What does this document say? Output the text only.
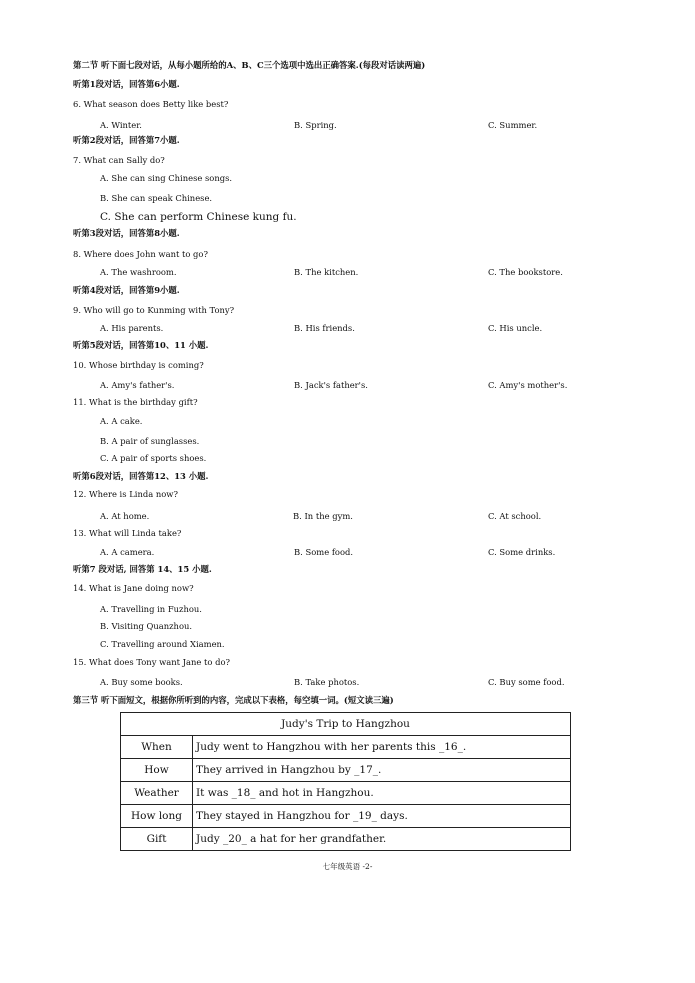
第二节 听下面七段对话，从每小题所给的A、B、C三个选项中选出正确答案.(每段对话读两遍)
听第1段对话，回答第6小题.
6. What season does Betty like best?
A. Winter.	B. Spring.	C. Summer.
听第2段对话，回答第7小题.
7. What can Sally do?
A. She can sing Chinese songs.
B. She can speak Chinese.
C. She can perform Chinese kung fu.
听第3段对话，回答第8小题.
8. Where does John want to go?
A. The washroom.	B. The kitchen.	C. The bookstore.
听第4段对话，回答第9小题.
9. Who will go to Kunming with Tony?
A. His parents.	B. His friends.	C. His uncle.
听第5段对话，回答第10、11 小题.
10. Whose birthday is coming?
A. Amy's father's.	B. Jack's father's.	C. Amy's mother's.
11. What is the birthday gift?
A. A cake.
B. A pair of sunglasses.
C. A pair of sports shoes.
听第6段对话，回答第12、13 小题.
12. Where is Linda now?
A. At home.	B. In the gym.	C. At school.
13. What will Linda take?
A. A camera.	B. Some food.	C. Some drinks.
听第7 段对话, 回答第 14、15 小题.
14. What is Jane doing now?
A. Travelling in Fuzhou.
B. Visiting Quanzhou.
C. Travelling around Xiamen.
15. What does Tony want Jane to do?
A. Buy some books.	B. Take photos.	C. Buy some food.
第三节 听下面短文，根据你所听到的内容，完成以下表格，每空填一词。(短文读三遍)
Judy's Trip to Hangzhou	
When	Judy went to Hangzhou with her parents this _16_.
How	They arrived in Hangzhou by _17_.
Weather	It was _18_ and hot in Hangzhou.
How long	They stayed in Hangzhou for _19_ days.
Gift	Judy _20_ a hat for her grandfather.
七年级英语 -2-
